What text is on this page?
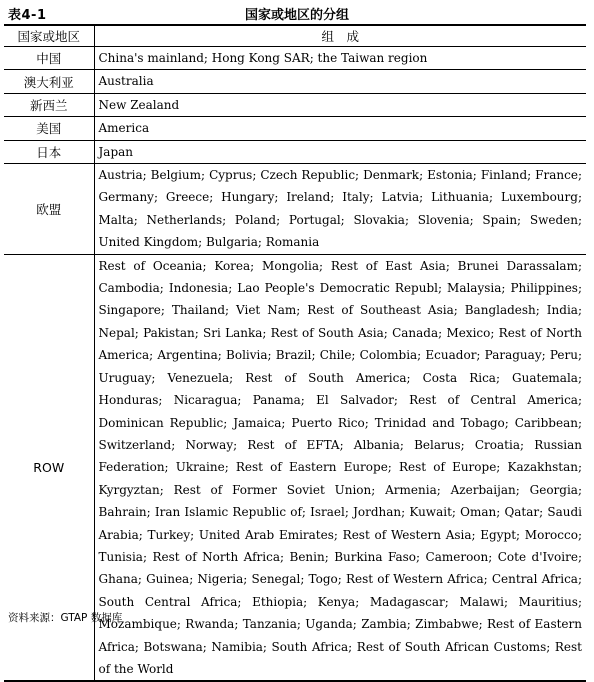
表4-1	国家或地区的分组
国家或地区	组　成
中国	China's mainland; Hong Kong SAR; the Taiwan region
澳大利亚	Australia
新西兰	New Zealand
美国	America
日本	Japan
欧盟	Austria; Belgium; Cyprus; Czech Republic; Denmark; Estonia; Finland; France; Germany; Greece; Hungary; Ireland; Italy; Latvia; Lithuania; Luxembourg; Malta; Netherlands; Poland; Portugal; Slovakia; Slovenia; Spain; Sweden; United Kingdom; Bulgaria; Romania
ROW	Rest of Oceania; Korea; Mongolia; Rest of East Asia; Brunei Darassalam; Cambodia; Indonesia; Lao People's Democratic Republ; Malaysia; Philippines; Singapore; Thailand; Viet Nam; Rest of Southeast Asia; Bangladesh; India; Nepal; Pakistan; Sri Lanka; Rest of South Asia; Canada; Mexico; Rest of North America; Argentina; Bolivia; Brazil; Chile; Colombia; Ecuador; Paraguay; Peru; Uruguay; Venezuela; Rest of South America; Costa Rica; Guatemala; Honduras; Nicaragua; Panama; El Salvador; Rest of Central America; Dominican Republic; Jamaica; Puerto Rico; Trinidad and Tobago; Caribbean; Switzerland; Norway; Rest of EFTA; Albania; Belarus; Croatia; Russian Federation; Ukraine; Rest of Eastern Europe; Rest of Europe; Kazakhstan; Kyrgyztan; Rest of Former Soviet Union; Armenia; Azerbaijan; Georgia; Bahrain; Iran Islamic Republic of; Israel; Jordhan; Kuwait; Oman; Qatar; Saudi Arabia; Turkey; United Arab Emirates; Rest of Western Asia; Egypt; Morocco; Tunisia; Rest of North Africa; Benin; Burkina Faso; Cameroon; Cote d'Ivoire; Ghana; Guinea; Nigeria; Senegal; Togo; Rest of Western Africa; Central Africa; South Central Africa; Ethiopia; Kenya; Madagascar; Malawi; Mauritius; Mozambique; Rwanda; Tanzania; Uganda; Zambia; Zimbabwe; Rest of Eastern Africa; Botswana; Namibia; South Africa; Rest of South African Customs; Rest of the World
资料来源：GTAP 数据库
